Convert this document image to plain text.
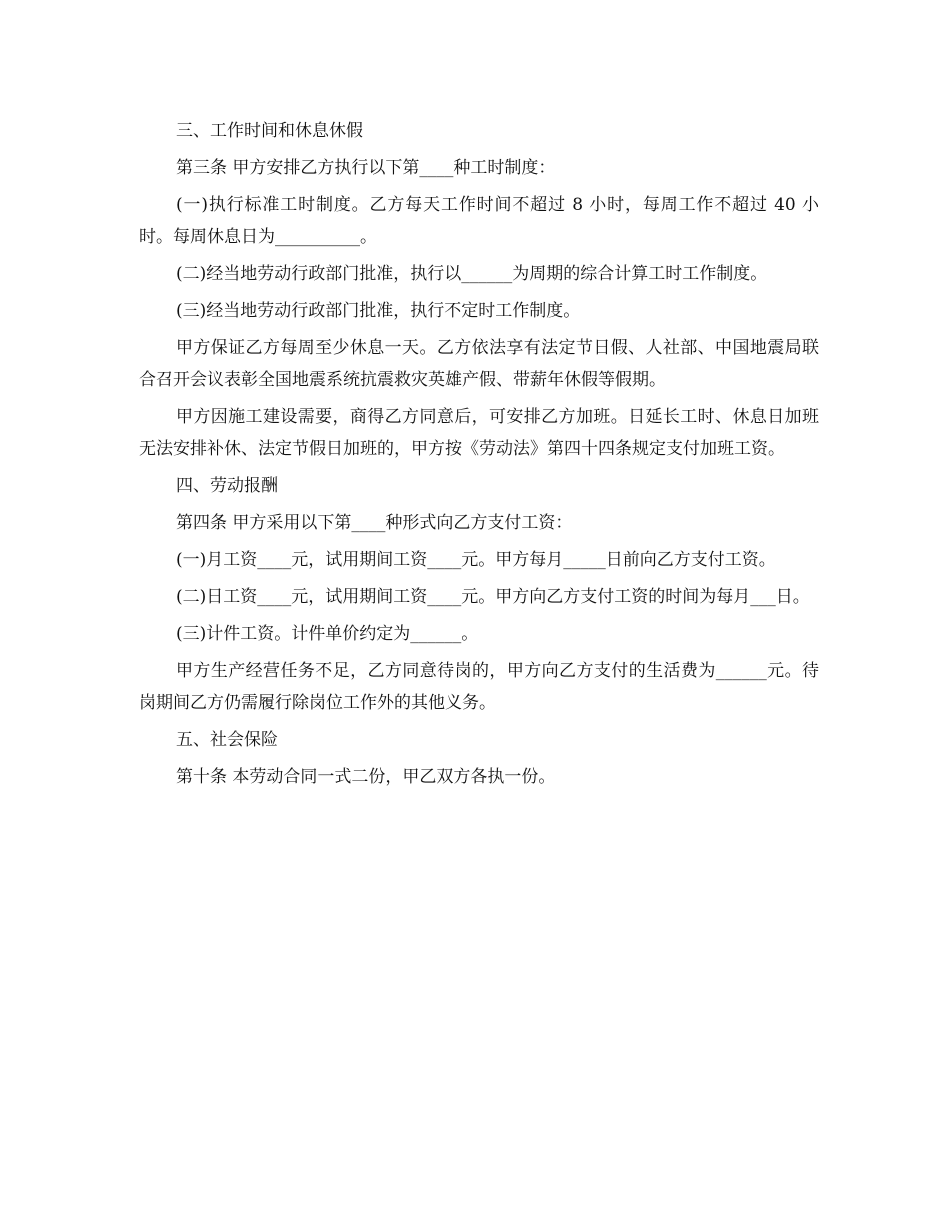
三、工作时间和休息休假

第三条 甲方安排乙方执行以下第____种工时制度：

(一)执行标准工时制度。乙方每天工作时间不超过 8 小时，每周工作不超过 40 小时。每周休息日为__________。

(二)经当地劳动行政部门批准，执行以______为周期的综合计算工时工作制度。

(三)经当地劳动行政部门批准，执行不定时工作制度。

甲方保证乙方每周至少休息一天。乙方依法享有法定节日假、人社部、中国地震局联合召开会议表彰全国地震系统抗震救灾英雄产假、带薪年休假等假期。

甲方因施工建设需要，商得乙方同意后，可安排乙方加班。日延长工时、休息日加班无法安排补休、法定节假日加班的，甲方按《劳动法》第四十四条规定支付加班工资。

四、劳动报酬

第四条 甲方采用以下第____种形式向乙方支付工资：

(一)月工资____元，试用期间工资____元。甲方每月_____日前向乙方支付工资。

(二)日工资____元，试用期间工资____元。甲方向乙方支付工资的时间为每月___日。

(三)计件工资。计件单价约定为______。

甲方生产经营任务不足，乙方同意待岗的，甲方向乙方支付的生活费为______元。待岗期间乙方仍需履行除岗位工作外的其他义务。

五、社会保险

第十条 本劳动合同一式二份，甲乙双方各执一份。
